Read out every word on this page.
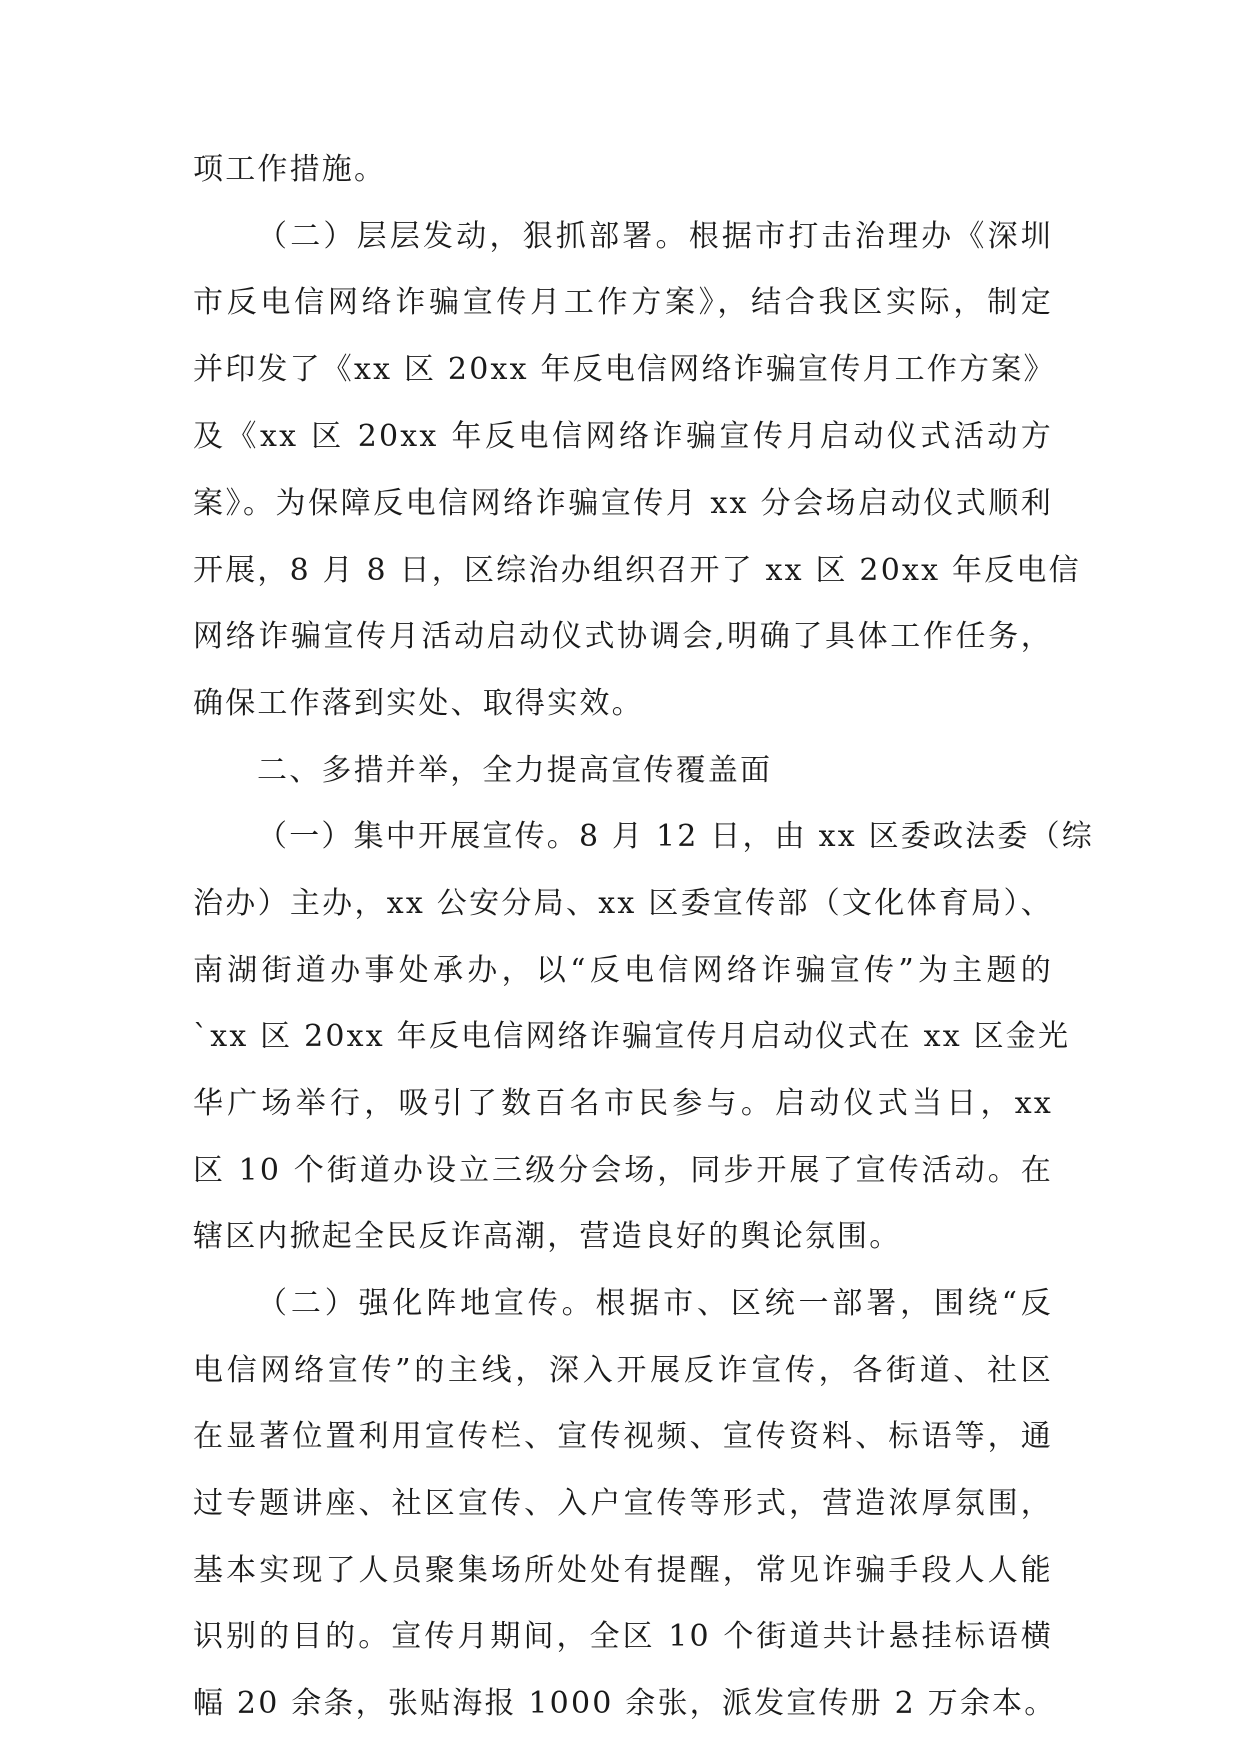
项工作措施。
（二）层层发动，狠抓部署。根据市打击治理办《深圳
市反电信网络诈骗宣传月工作方案》，结合我区实际，制定
并印发了《xx 区 20xx 年反电信网络诈骗宣传月工作方案》
及《xx 区 20xx 年反电信网络诈骗宣传月启动仪式活动方
案》。为保障反电信网络诈骗宣传月 xx 分会场启动仪式顺利
开展，8 月 8 日，区综治办组织召开了 xx 区 20xx 年反电信
网络诈骗宣传月活动启动仪式协调会,明确了具体工作任务，
确保工作落到实处、取得实效。
二、多措并举，全力提高宣传覆盖面
（一）集中开展宣传。8 月 12 日，由 xx 区委政法委（综
治办）主办，xx 公安分局、xx 区委宣传部（文化体育局）、
南湖街道办事处承办，以“反电信网络诈骗宣传”为主题的
`xx 区 20xx 年反电信网络诈骗宣传月启动仪式在 xx 区金光
华广场举行，吸引了数百名市民参与。启动仪式当日，xx
区 10 个街道办设立三级分会场，同步开展了宣传活动。在
辖区内掀起全民反诈高潮，营造良好的舆论氛围。
（二）强化阵地宣传。根据市、区统一部署，围绕“反
电信网络宣传”的主线，深入开展反诈宣传，各街道、社区
在显著位置利用宣传栏、宣传视频、宣传资料、标语等，通
过专题讲座、社区宣传、入户宣传等形式，营造浓厚氛围，
基本实现了人员聚集场所处处有提醒，常见诈骗手段人人能
识别的目的。宣传月期间，全区 10 个街道共计悬挂标语横
幅 20 余条，张贴海报 1000 余张，派发宣传册 2 万余本。
